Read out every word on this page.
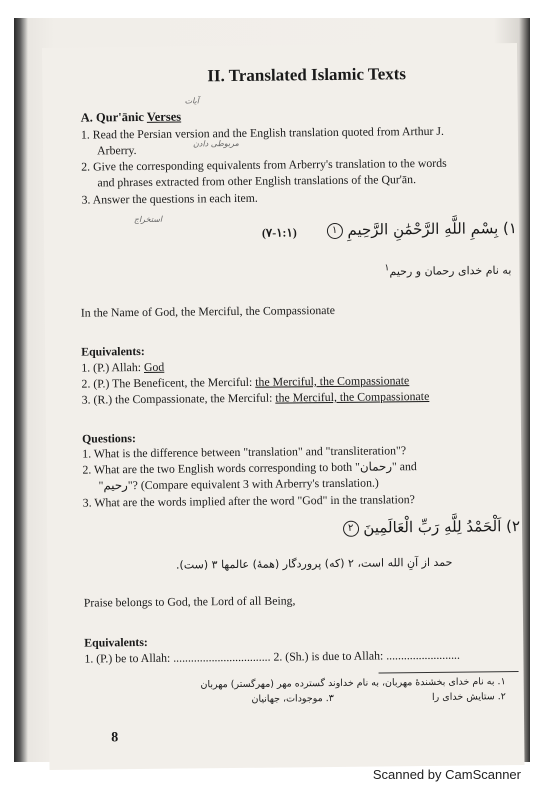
II. Translated Islamic Texts
A. Qur'ānic Verses
آیات
1. Read the Persian version and the English translation quoted from Arthur J.
Arberry.	مربوطی دادن
2. Give the corresponding equivalents from Arberry's translation to the words
and phrases extracted from other English translations of the Qur'ān.
3. Answer the questions in each item.
استخراج
(١:١-٧)	١) بِسْمِ اللَّهِ الرَّحْمَٰنِ الرَّحِيمِ ١
به نام خدای رحمان و رحیم$^١$
In the Name of God, the Merciful, the Compassionate
Equivalents:
1. (P.) Allah: God
2. (P.) The Beneficent, the Merciful: the Merciful, the Compassionate
3. (R.) the Compassionate, the Merciful: the Merciful, the Compassionate
Questions:
1. What is the difference between "translation" and "transliteration"?
2. What are the two English words corresponding to both "رحمان" and
"رحیم"? (Compare equivalent 3 with Arberry's translation.)
3. What are the words implied after the word "God" in the translation?
٢) اَلْحَمْدُ لِلَّهِ رَبِّ الْعَالَمِينَ ٢
حمد از آنِ الله است، ٢ (که) پروردگار (همهٔ) عالمها ٣ (ست).
Praise belongs to God, the Lord of all Being,
Equivalents:
1. (P.) be to Allah: ................................. 2. (Sh.) is due to Allah: .........................
١. به نام خدای بخشندهٔ مهربان، به نام خداوند گسترده مهر (مهرگستر) مهربان
٢. ستایش خدای را
٣. موجودات، جهانیان
8
Scanned by CamScanner
